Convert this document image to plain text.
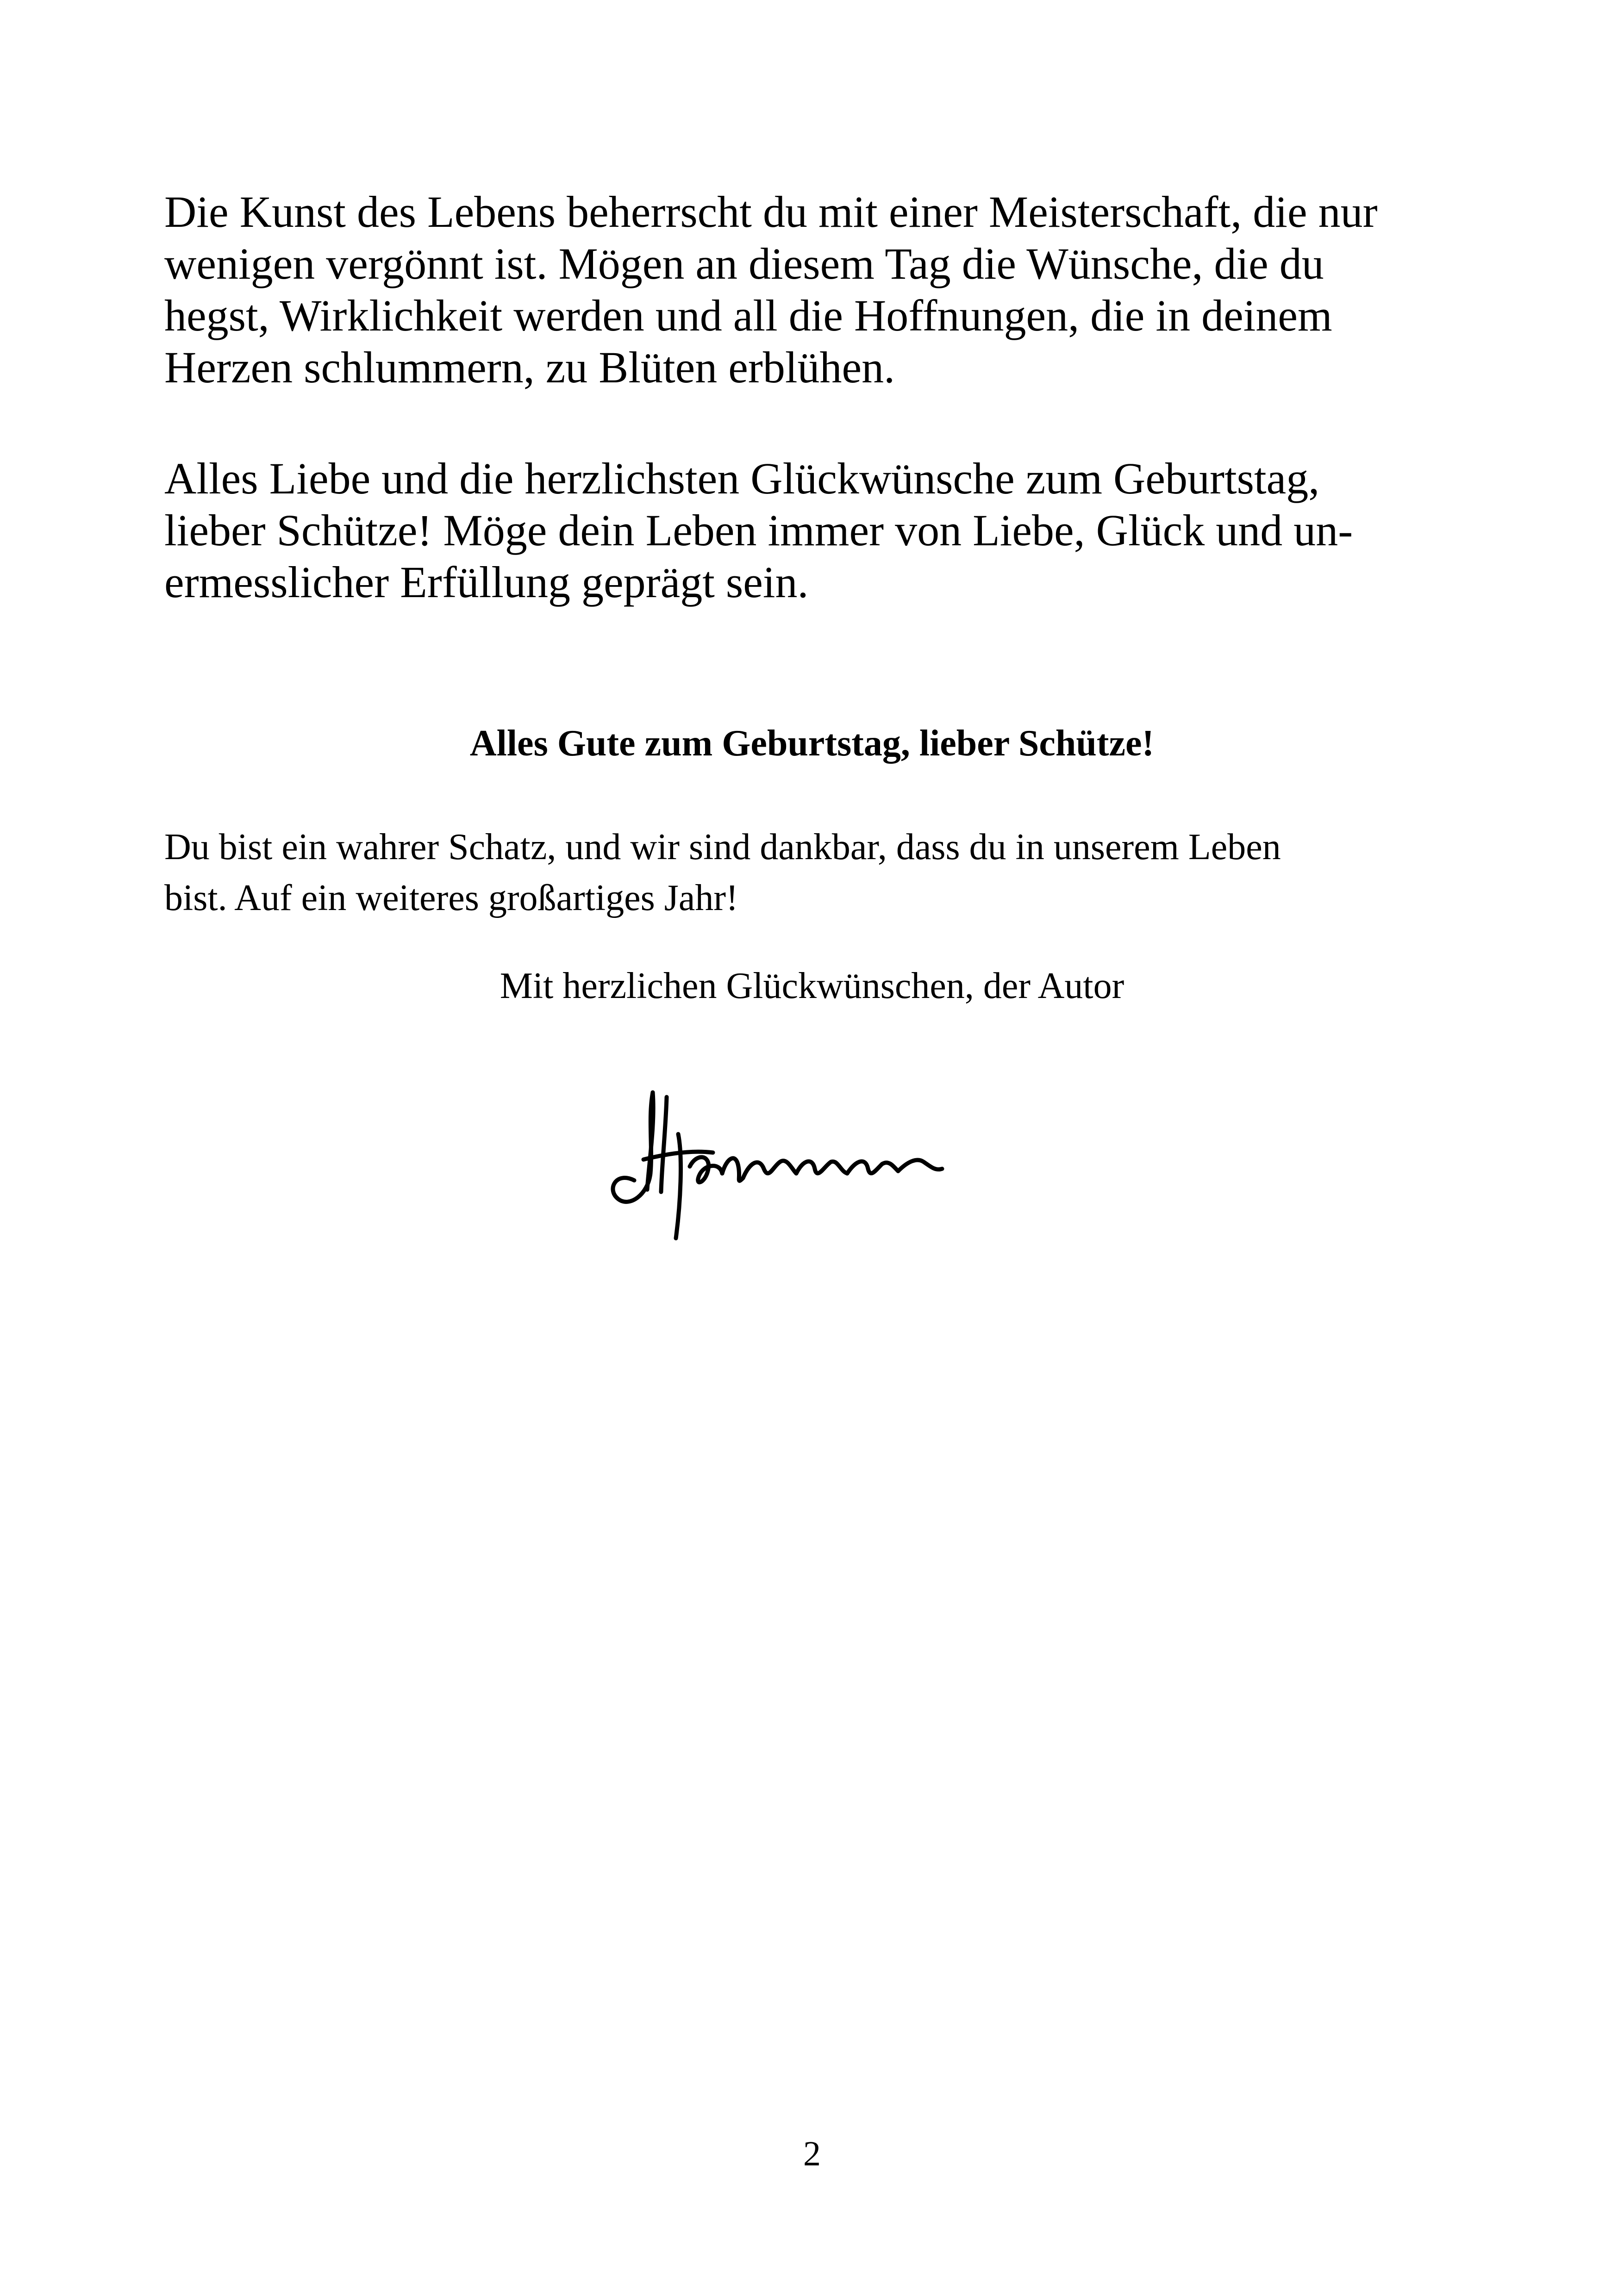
Die Kunst des Lebens beherrscht du mit einer Meisterschaft, die nur
wenigen vergönnt ist. Mögen an diesem Tag die Wünsche, die du
hegst, Wirklichkeit werden und all die Hoffnungen, die in deinem
Herzen schlummern, zu Blüten erblühen.

Alles Liebe und die herzlichsten Glückwünsche zum Geburtstag,
lieber Schütze! Möge dein Leben immer von Liebe, Glück und un-
ermesslicher Erfüllung geprägt sein.

Alles Gute zum Geburtstag, lieber Schütze!

Du bist ein wahrer Schatz, und wir sind dankbar, dass du in unserem Leben
bist. Auf ein weiteres großartiges Jahr!

Mit herzlichen Glückwünschen, der Autor

2
